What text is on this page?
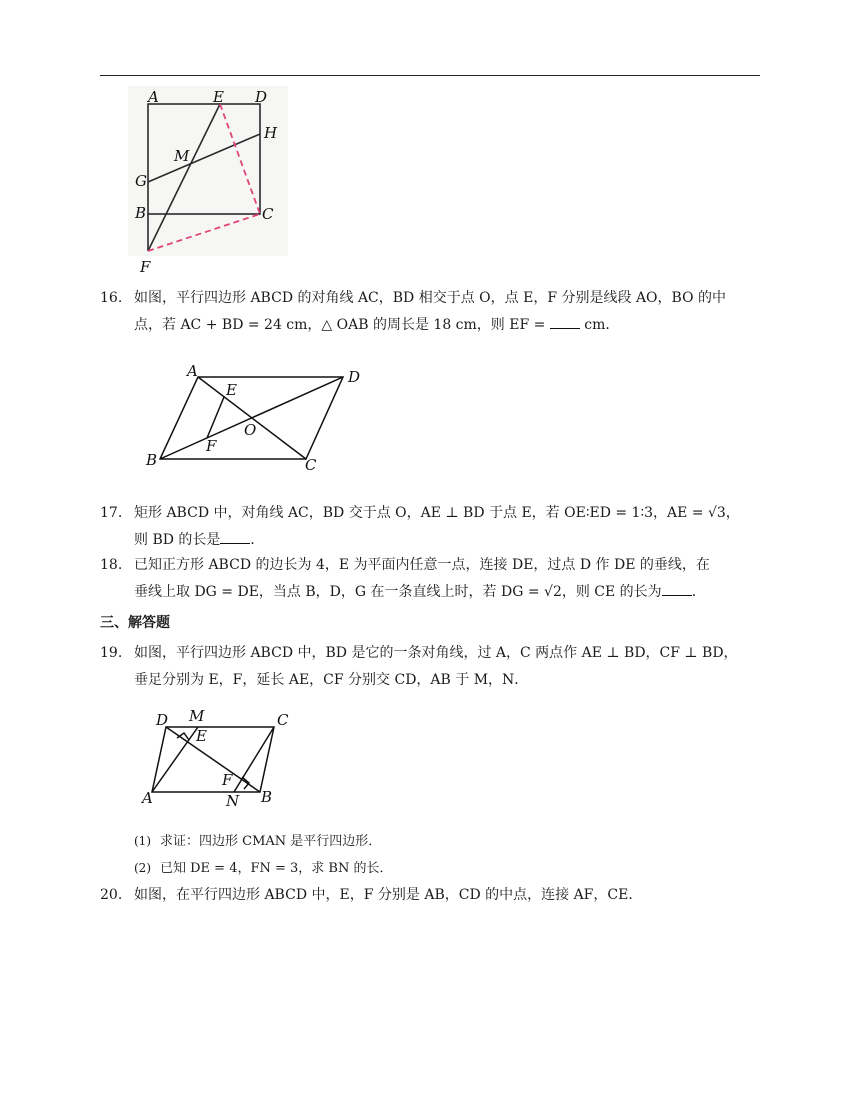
A	E D
H
M
G
B	C
F
16. 如图，平行四边形 ABCD 的对角线 AC，BD 相交于点 O，点 E，F 分别是线段 AO，BO 的中
点，若 AC + BD = 24 cm，△ OAB 的周长是 18 cm，则 EF =	cm．
A
E
D
O
F
B	C
17. 矩形 ABCD 中，对角线 AC，BD 交于点 O，AE ⊥ BD 于点 E，若 OE∶ED = 1∶3，AE = √3，
则 BD 的长是 ．
18. 已知正方形 ABCD 的边长为 4，E 为平面内任意一点，连接 DE，过点 D 作 DE 的垂线，在
垂线上取 DG = DE，当点 B，D，G 在一条直线上时，若 DG = √2，则 CE 的长为 ．
三、解答题
19. 如图，平行四边形 ABCD 中，BD 是它的一条对角线，过 A，C 两点作 AE ⊥ BD，CF ⊥ BD，
垂足分别为 E，F，延长 AE，CF 分别交 CD，AB 于 M，N．
D M	C
E
F
A	N B
(1) 求证：四边形 CMAN 是平行四边形．
(2) 已知 DE = 4，FN = 3，求 BN 的长．
20. 如图，在平行四边形 ABCD 中，E，F 分别是 AB，CD 的中点，连接 AF，CE．
